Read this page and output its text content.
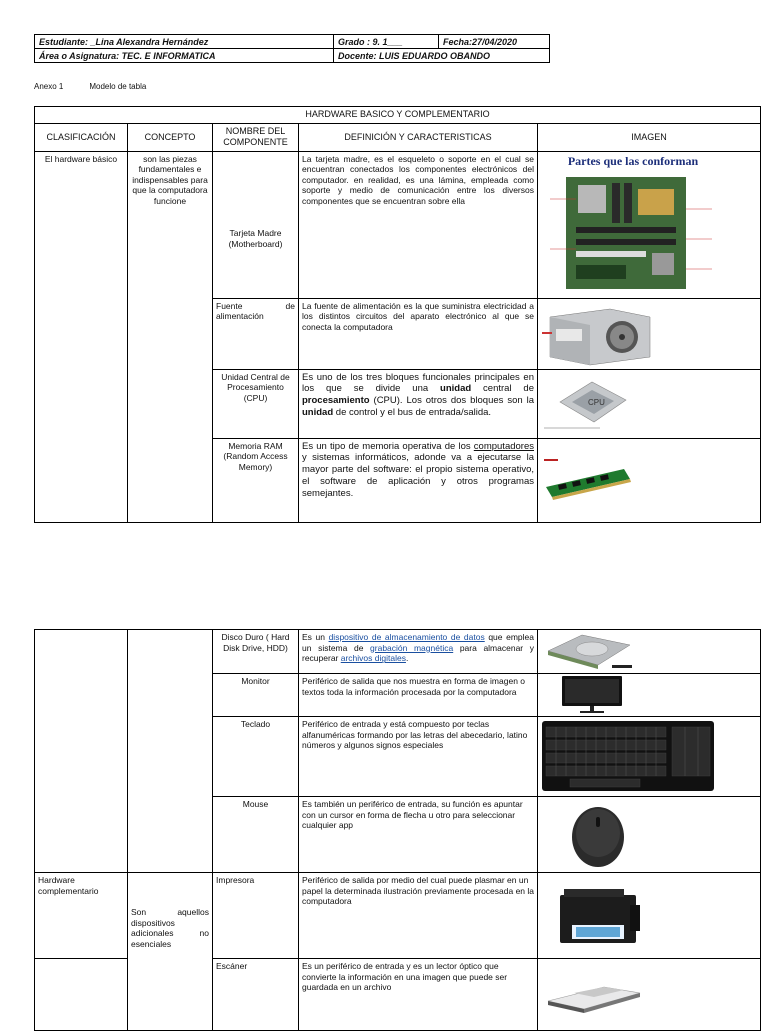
Estudiante: _Lina Alexandra Hernández	Grado : 9. 1___	Fecha:27/04/2020
Área o Asignatura: TEC. E INFORMATICA	Docente: LUIS EDUARDO OBANDO	
Anexo 1	Modelo de tabla
HARDWARE BASICO Y COMPLEMENTARIO				
CLASIFICACIÓN	CONCEPTO	NOMBRE DEL COMPONENTE	DEFINICIÓN Y CARACTERISTICAS	IMAGEN
El hardware básico	son las piezas fundamentales e indispensables para que la computadora funcione	Tarjeta Madre (Motherboard)	La tarjeta madre, es el esqueleto o soporte en el cual se encuentran conectados los componentes electrónicos del computador. en realidad, es una lámina, empleada como soporte y medio de comunicación entre los diversos componentes que se encuentran sobre ella	Partes que las conforman

		Fuente de alimentación	La fuente de alimentación es la que suministra electricidad a los distintos circuitos del aparato electrónico al que se conecta la computadora	

		Unidad Central de Procesamiento (CPU)	Es uno de los tres bloques funcionales principales en los que se divide una unidad central de procesamiento (CPU). Los otros dos bloques son la unidad de control y el bus de entrada/salida.	CPU

		Memoria RAM (Random Access Memory)	Es un tipo de memoria operativa de los computadores y sistemas informáticos, adonde va a ejecutarse la mayor parte del software: el propio sistema operativo, el software de aplicación y otros programas semejantes.	
		Disco Duro ( Hard Disk Drive, HDD)	Es un dispositivo de almacenamiento de datos que emplea un sistema de grabación magnética para almacenar y recuperar archivos digitales.	

		Monitor	Periférico de salida que nos muestra en forma de imagen o textos toda la información procesada por la computadora	

		Teclado	Periférico de entrada y está compuesto por teclas alfanuméricas formando por las letras del abecedario, latino números y algunos signos especiales	

		Mouse	Es también un periférico de entrada, su función es apuntar con un cursor en forma de flecha u otro para seleccionar cualquier app	

Hardware complementario	Son aquellos dispositivos adicionales no esenciales	Impresora	Periférico de salida por medio del cual puede plasmar en un papel la determinada ilustración previamente procesada en la computadora	

		Escáner	Es un periférico de entrada y es un lector óptico que convierte la información en una imagen que puede ser guardada en un archivo	
